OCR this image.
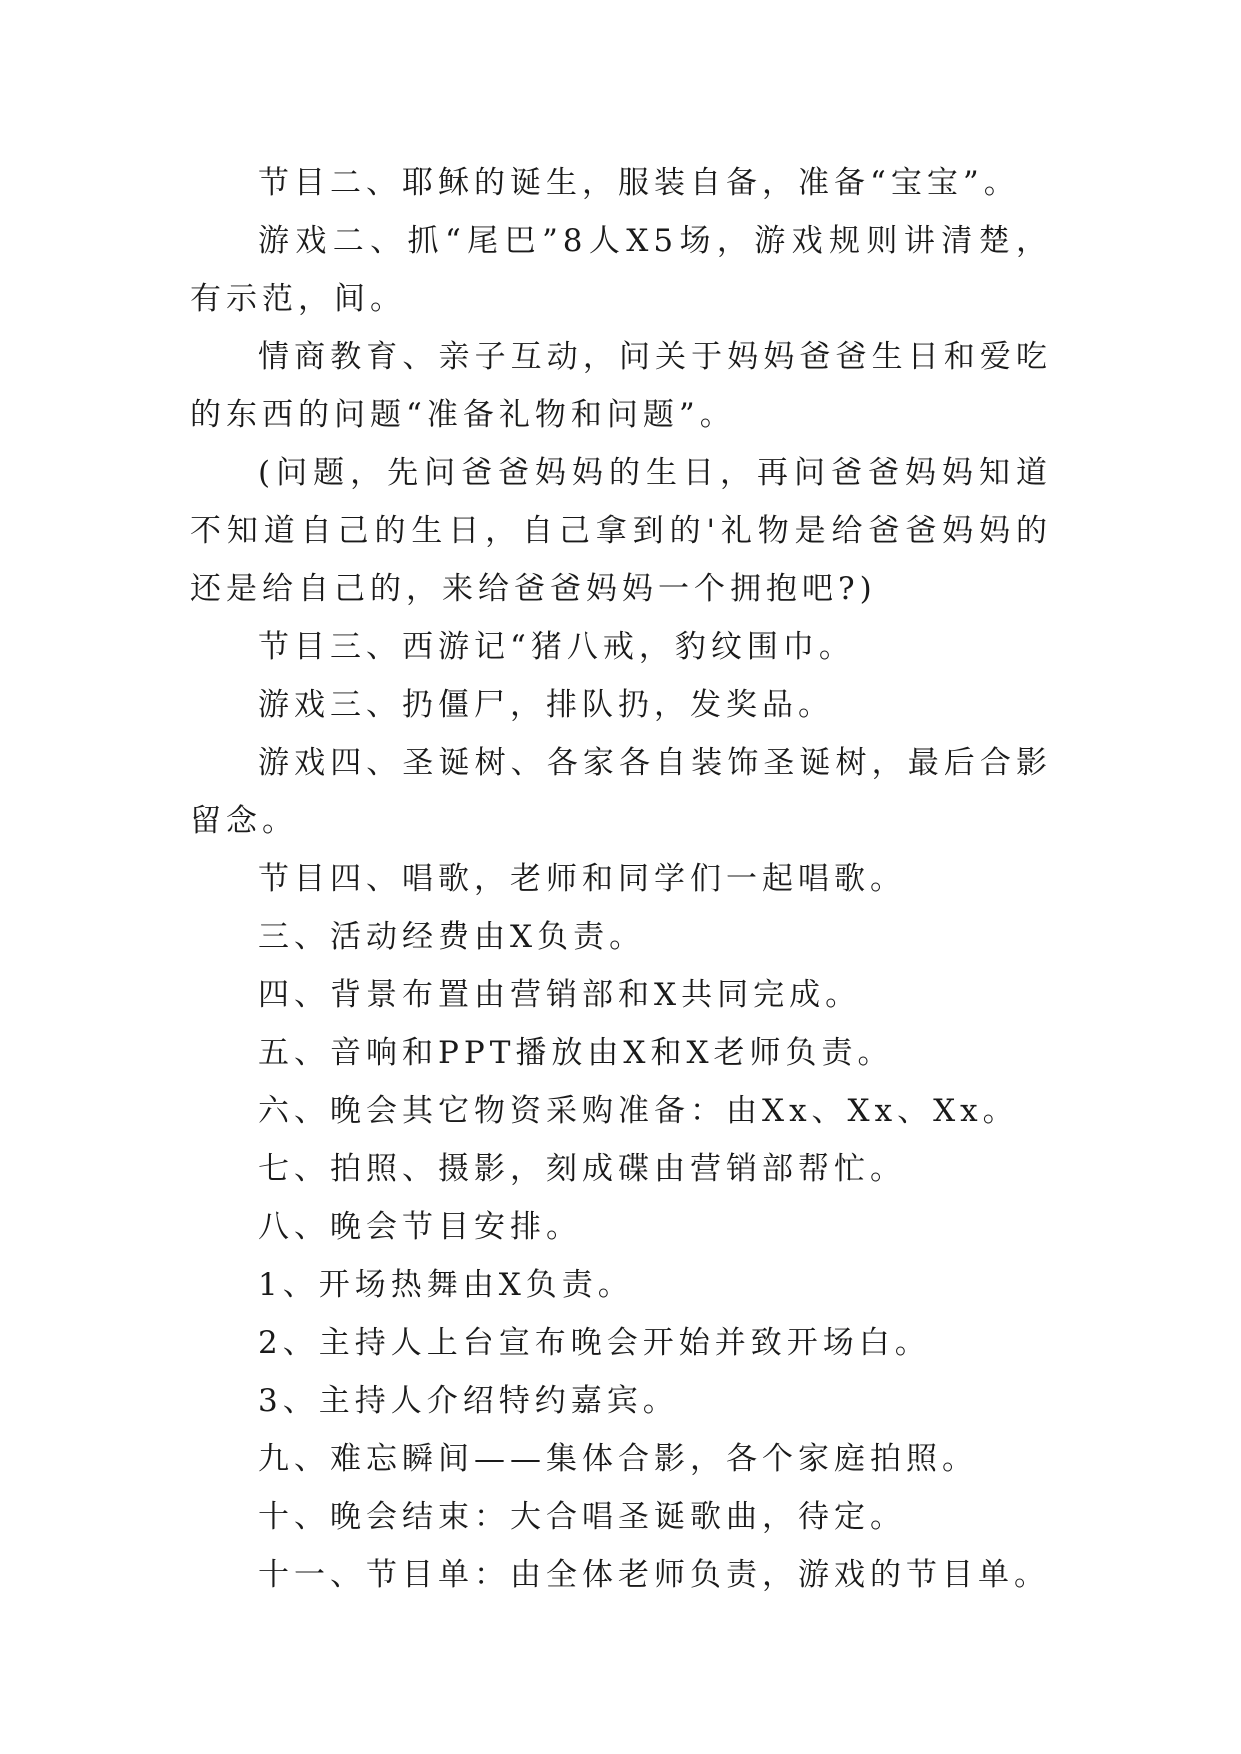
节目二、耶稣的诞生，服装自备，准备“宝宝”。

游戏二、抓“尾巴”8人X5场，游戏规则讲清楚，有示范，间。

情商教育、亲子互动，问关于妈妈爸爸生日和爱吃的东西的问题“准备礼物和问题”。

(问题，先问爸爸妈妈的生日，再问爸爸妈妈知道不知道自己的生日，自己拿到的'礼物是给爸爸妈妈的还是给自己的，来给爸爸妈妈一个拥抱吧?)

节目三、西游记“猪八戒，豹纹围巾。

游戏三、扔僵尸，排队扔，发奖品。

游戏四、圣诞树、各家各自装饰圣诞树，最后合影留念。

节目四、唱歌，老师和同学们一起唱歌。

三、活动经费由X负责。

四、背景布置由营销部和X共同完成。

五、音响和PPT播放由X和X老师负责。

六、晚会其它物资采购准备：由Xx、Xx、Xx。

七、拍照、摄影，刻成碟由营销部帮忙。

八、晚会节目安排。

1、开场热舞由X负责。

2、主持人上台宣布晚会开始并致开场白。

3、主持人介绍特约嘉宾。

九、难忘瞬间——集体合影，各个家庭拍照。

十、晚会结束：大合唱圣诞歌曲，待定。

十一、节目单：由全体老师负责，游戏的节目单。
